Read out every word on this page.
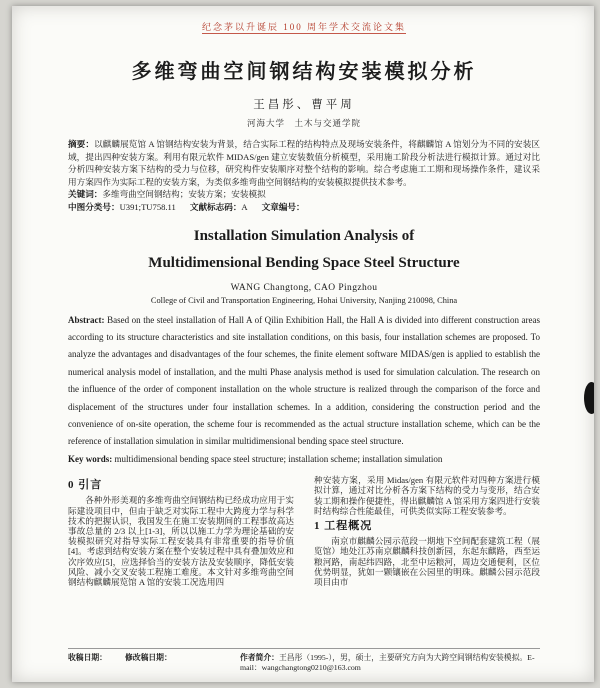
纪念茅以升诞辰 100 周年学术交流论文集
多维弯曲空间钢结构安装模拟分析
王昌彤、曹平周
河海大学　土木与交通学院

摘要：以麒麟展览馆 A 馆钢结构安装为背景，结合实际工程的结构特点及现场安装条件，将麒麟馆 A 馆划分为不同的安装区域，提出四种安装方案。利用有限元软件 MIDAS/gen 建立安装数值分析模型，采用施工阶段分析法进行模拟计算。通过对比分析四种安装方案下结构的受力与位移，研究构件安装顺序对整个结构的影响。综合考虑施工工期和现场操作条件，建议采用方案四作为实际工程的安装方案，为类似多维弯曲空间钢结构的安装模拟提供技术参考。

关键词：多维弯曲空间钢结构；安装方案；安装模拟

中图分类号：U391;TU758.11 文献标志码：A 文章编号：

Installation Simulation Analysis of
Multidimensional Bending Space Steel Structure
WANG Changtong, CAO Pingzhou
College of Civil and Transportation Engineering, Hohai University, Nanjing 210098, China

Abstract: Based on the steel installation of Hall A of Qilin Exhibition Hall, the Hall A is divided into different construction areas according to its structure characteristics and site installation conditions, on this basis, four installation schemes are proposed. To analyze the advantages and disadvantages of the four schemes, the finite element software MIDAS/gen is applied to establish the numerical analysis model of installation, and the multi Phase analysis method is used for simulation calculation. The research on the influence of the order of component installation on the whole structure is realized through the comparison of the force and displacement of the structures under four installation schemes. In a addition, considering the construction period and the convenience of on-site operation, the scheme four is recommended as the actual structure installation scheme, which can be the reference of installation simulation in similar multidimensional bending space steel structure.

Key words: multidimensional bending space steel structure; installation scheme; installation simulation

0 引言

各种外形美观的多维弯曲空间钢结构已经成功应用于实际建设项目中，但由于缺乏对实际工程中大跨度力学与科学技术的把握认识，我国发生在施工安装期间的工程事故高达事故总量的 2/3 以上[1-3]，所以以施工力学为理论基础的安装模拟研究对指导实际工程安装具有非常重要的指导价值[4]。考虑到结构安装方案在整个安装过程中具有叠加效应和次序效应[5]，应选择恰当的安装方法及安装顺序，降低安装风险、减小交叉安装工程施工难度。本文针对多维弯曲空间钢结构麒麟展览馆 A 馆的安装工况选用四

种安装方案，采用 Midas/gen 有限元软件对四种方案进行模拟计算，通过对比分析各方案下结构的受力与变形，结合安装工期和操作便捷性，得出麒麟馆 A 馆采用方案四进行安装时结构综合性能最佳，可供类似实际工程安装参考。

1 工程概况

南京市麒麟公园示范段一期地下空间配套建筑工程（展览馆）地处江苏南京麒麟科技创新园，东起东麒路，西至运粮河路，南起纬四路，北至中运粮河，周边交通便利，区位优势明显，犹如一颗镶嵌在公园里的明珠。麒麟公园示范段项目由市

收稿日期： 修改稿日期：	作者简介：王昌彤（1995-），男，硕士，主要研究方向为大跨空间钢结构安装模拟。E-mail：wangchangtong0210@163.com
